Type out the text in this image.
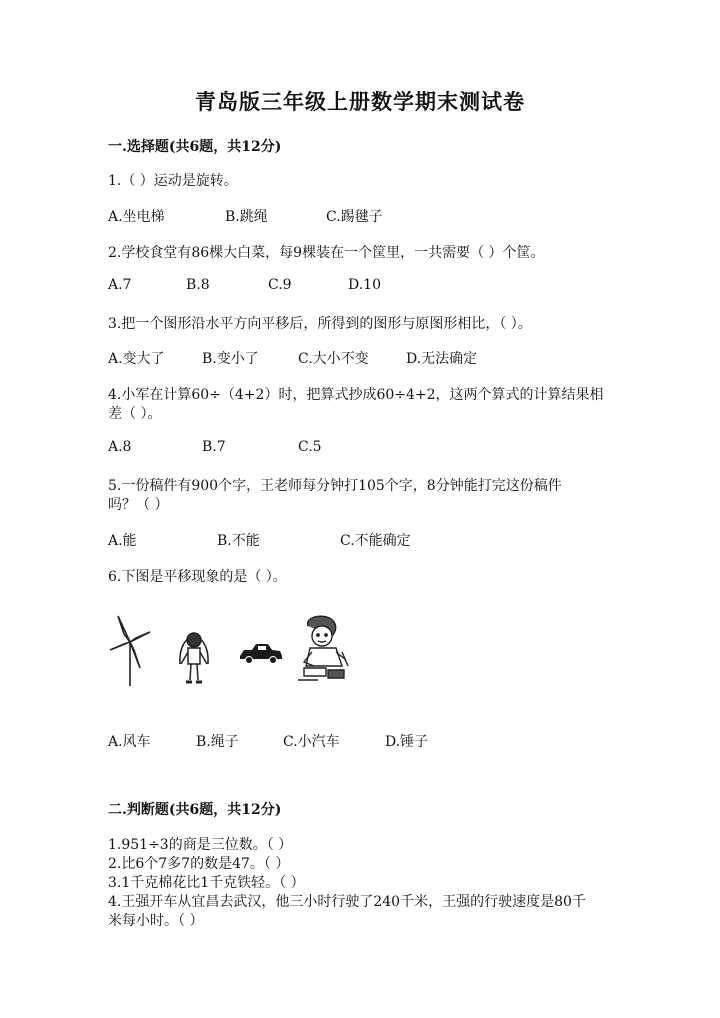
青岛版三年级上册数学期末测试卷
一.选择题(共6题，共12分)
1.（ ）运动是旋转。
A.坐电梯	B.跳绳	C.踢毽子
2.学校食堂有86棵大白菜，每9棵装在一个筐里，一共需要（ ）个筐。
A.7	B.8	C.9	D.10
3.把一个图形沿水平方向平移后，所得到的图形与原图形相比，（ ）。
A.变大了	B.变小了	C.大小不变	D.无法确定
4.小军在计算60÷（4+2）时，把算式抄成60÷4+2，这两个算式的计算结果相
差（ ）。
A.8	B.7	C.5
5.一份稿件有900个字，王老师每分钟打105个字，8分钟能打完这份稿件
吗？（ ）
A.能	B.不能	C.不能确定
6.下图是平移现象的是（ ）。
A.风车	B.绳子	C.小汽车	D.锤子
二.判断题(共6题，共12分)
1.951÷3的商是三位数。（ ）
2.比6个7多7的数是47。（ ）
3.1千克棉花比1千克铁轻。（ ）
4.王强开车从宜昌去武汉，他三小时行驶了240千米，王强的行驶速度是80千
米每小时。（ ）
